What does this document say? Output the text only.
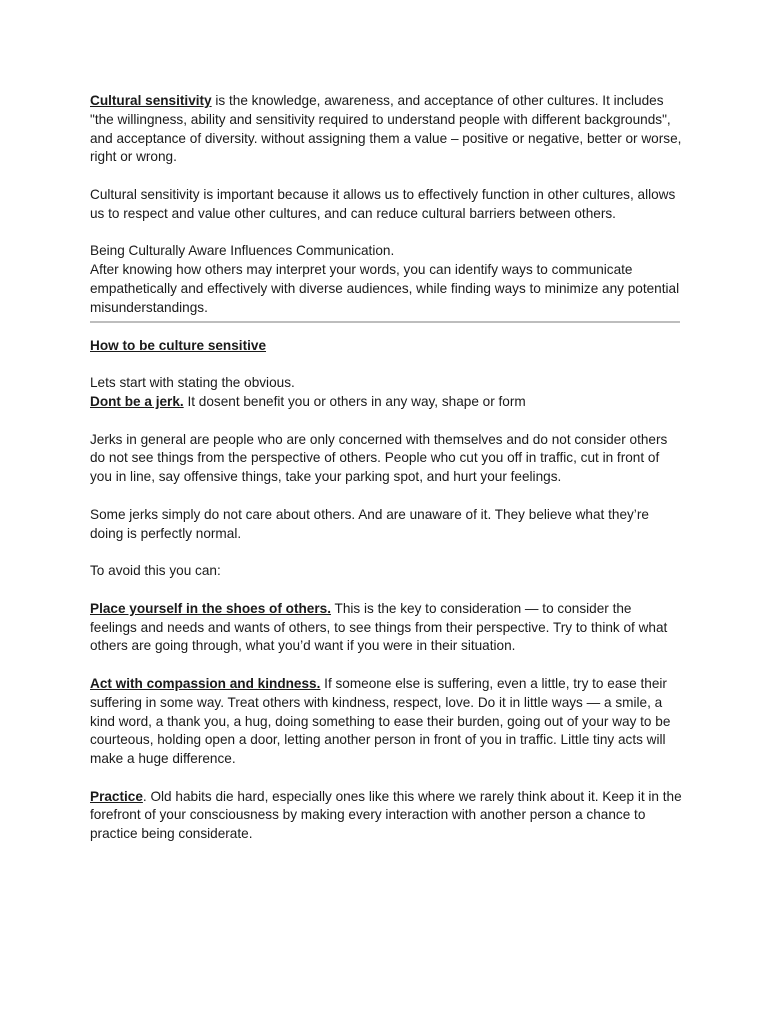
Cultural sensitivity is the knowledge, awareness, and acceptance of other cultures. It includes "the willingness, ability and sensitivity required to understand people with different backgrounds", and acceptance of diversity. without assigning them a value – positive or negative, better or worse, right or wrong.

Cultural sensitivity is important because it allows us to effectively function in other cultures, allows us to respect and value other cultures, and can reduce cultural barriers between others.

Being Culturally Aware Influences Communication.

After knowing how others may interpret your words, you can identify ways to communicate empathetically and effectively with diverse audiences, while finding ways to minimize any potential misunderstandings.

How to be culture sensitive

Lets start with stating the obvious.

Dont be a jerk. It dosent benefit you or others in any way, shape or form

Jerks in general are people who are only concerned with themselves and do not consider others do not see things from the perspective of others. People who cut you off in traffic, cut in front of you in line, say offensive things, take your parking spot, and hurt your feelings.

Some jerks simply do not care about others. And are unaware of it. They believe what they’re doing is perfectly normal.

To avoid this you can:

Place yourself in the shoes of others. This is the key to consideration — to consider the feelings and needs and wants of others, to see things from their perspective. Try to think of what others are going through, what you’d want if you were in their situation.

Act with compassion and kindness. If someone else is suffering, even a little, try to ease their suffering in some way. Treat others with kindness, respect, love. Do it in little ways — a smile, a kind word, a thank you, a hug, doing something to ease their burden, going out of your way to be courteous, holding open a door, letting another person in front of you in traffic. Little tiny acts will make a huge difference.

Practice. Old habits die hard, especially ones like this where we rarely think about it. Keep it in the forefront of your consciousness by making every interaction with another person a chance to practice being considerate.
